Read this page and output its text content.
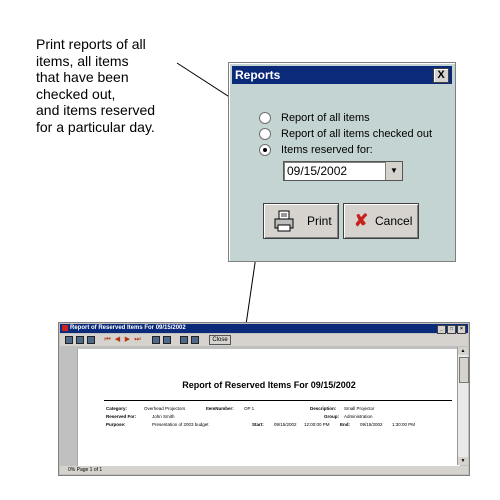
Print reports of all
items, all items
that have been
checked out,
and items reserved
for a particular day.
Reports	X
Report of all items
Report of all items checked out
Items reserved for:
09/15/2002	▼
Print ✘ Cancel
Report of Reserved Items For 09/15/2002	_ □ ×
⏮ ◀ ▶ ⏭	Close
Report of Reserved Items For 09/15/2002
Category:	Overhead Projectors	ItemNumber: OP 1	Description: Small Projector
Reserved For:	John Smith	Group: Administration
Purpose:	Presentation of 2003 budget	Start: 09/15/2002 12:00:00 PM End: 09/15/2002 1:30:00 PM
▲
▼
0% Page 1 of 1
